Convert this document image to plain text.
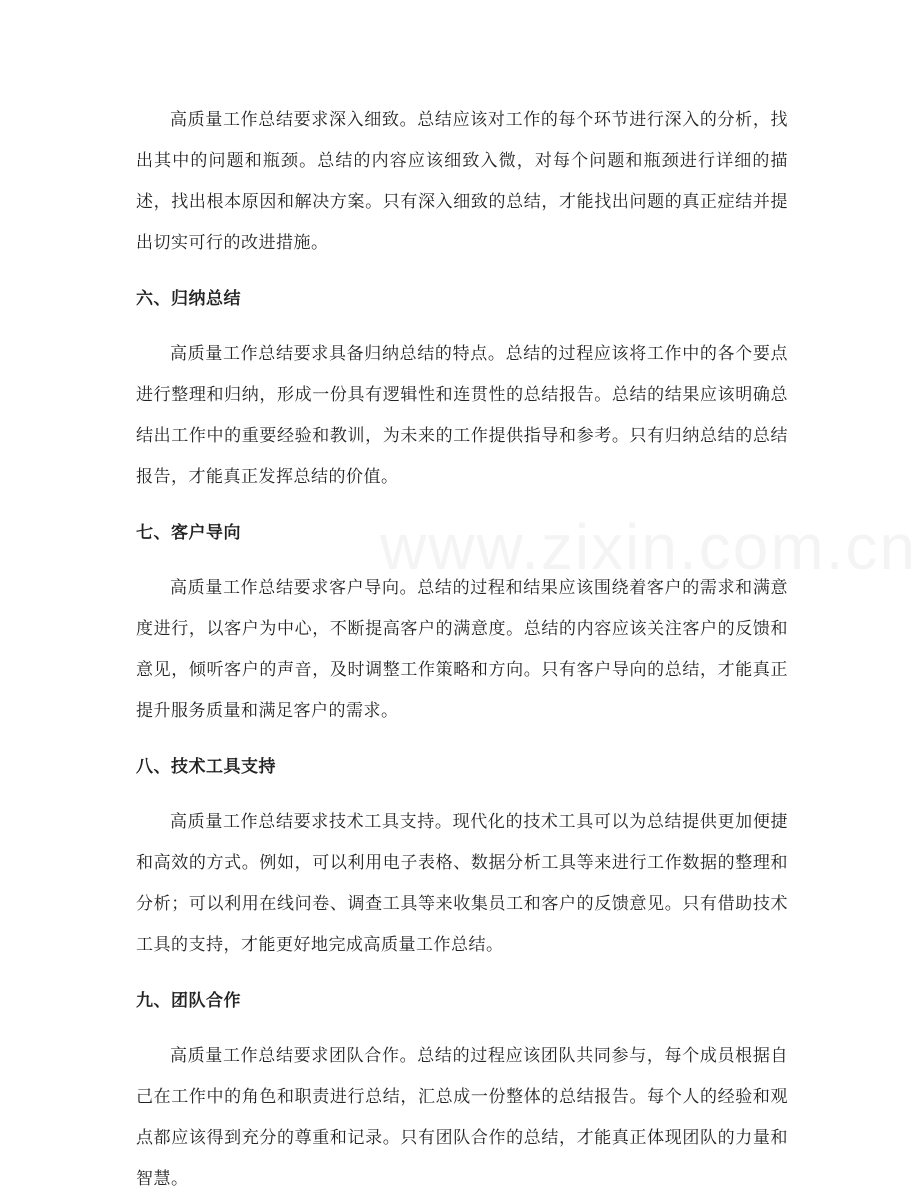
高质量工作总结要求深入细致。总结应该对工作的每个环节进行深入的分析，找出其中的问题和瓶颈。总结的内容应该细致入微，对每个问题和瓶颈进行详细的描述，找出根本原因和解决方案。只有深入细致的总结，才能找出问题的真正症结并提出切实可行的改进措施。

六、归纳总结

高质量工作总结要求具备归纳总结的特点。总结的过程应该将工作中的各个要点进行整理和归纳，形成一份具有逻辑性和连贯性的总结报告。总结的结果应该明确总结出工作中的重要经验和教训，为未来的工作提供指导和参考。只有归纳总结的总结报告，才能真正发挥总结的价值。

七、客户导向

高质量工作总结要求客户导向。总结的过程和结果应该围绕着客户的需求和满意度进行，以客户为中心，不断提高客户的满意度。总结的内容应该关注客户的反馈和意见，倾听客户的声音，及时调整工作策略和方向。只有客户导向的总结，才能真正提升服务质量和满足客户的需求。

八、技术工具支持

高质量工作总结要求技术工具支持。现代化的技术工具可以为总结提供更加便捷和高效的方式。例如，可以利用电子表格、数据分析工具等来进行工作数据的整理和分析；可以利用在线问卷、调查工具等来收集员工和客户的反馈意见。只有借助技术工具的支持，才能更好地完成高质量工作总结。

九、团队合作

高质量工作总结要求团队合作。总结的过程应该团队共同参与，每个成员根据自己在工作中的角色和职责进行总结，汇总成一份整体的总结报告。每个人的经验和观点都应该得到充分的尊重和记录。只有团队合作的总结，才能真正体现团队的力量和智慧。
